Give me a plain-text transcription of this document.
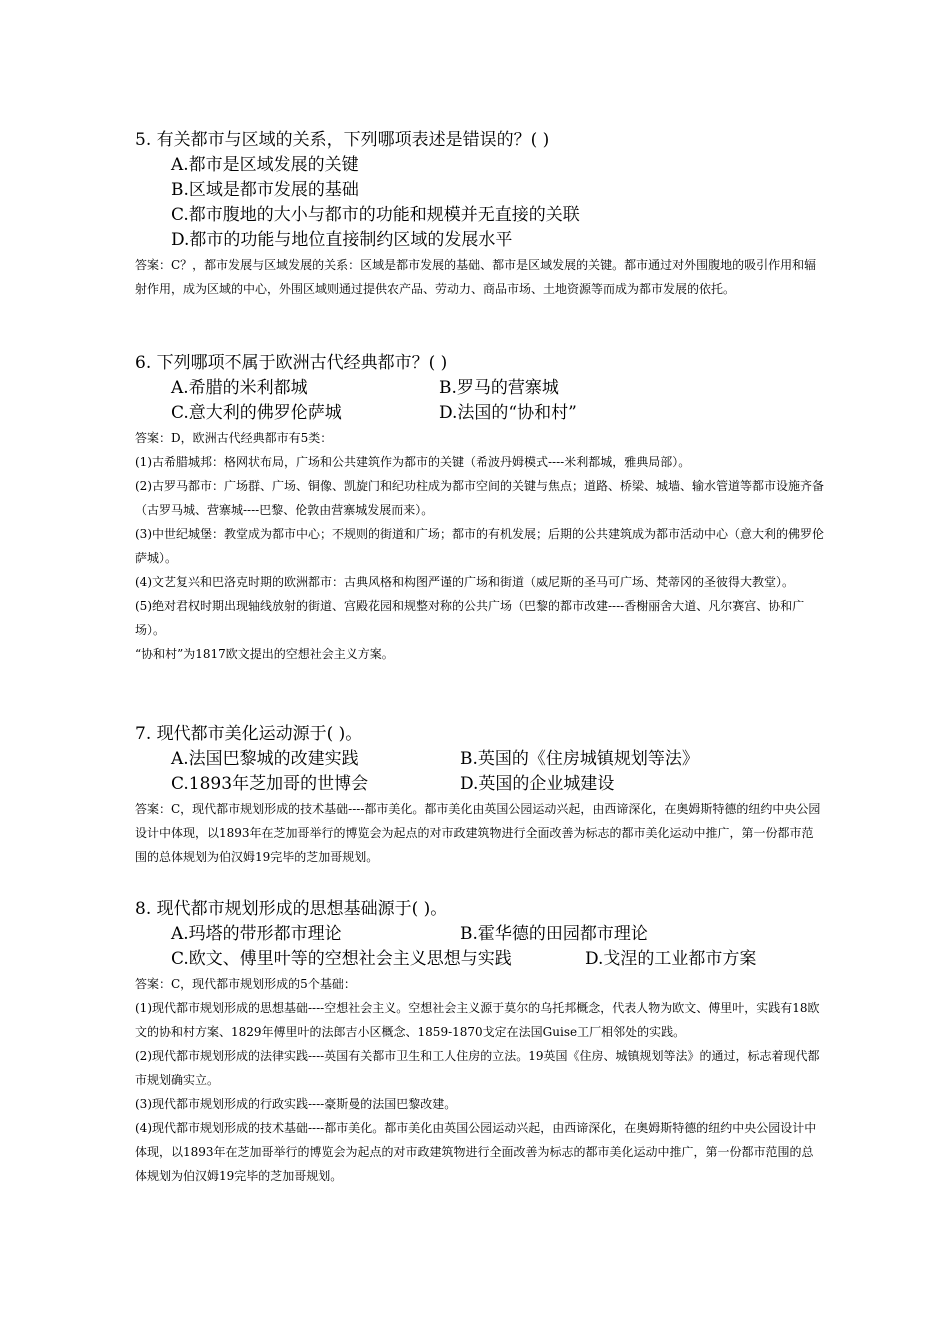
5. 有关都市与区域的关系，下列哪项表述是错误的？( )
A.都市是区域发展的关键
B.区域是都市发展的基础
C.都市腹地的大小与都市的功能和规模并无直接的关联
D.都市的功能与地位直接制约区域的发展水平

答案：C？，都市发展与区域发展的关系：区域是都市发展的基础、都市是区域发展的关键。都市通过对外围腹地的吸引作用和辐射作用，成为区域的中心，外围区域则通过提供农产品、劳动力、商品市场、土地资源等而成为都市发展的依托。

6. 下列哪项不属于欧洲古代经典都市？( )
A.希腊的米利都城	B.罗马的营寨城
C.意大利的佛罗伦萨城	D.法国的“协和村”

答案：D，欧洲古代经典都市有5类：

(1)古希腊城邦：格网状布局，广场和公共建筑作为都市的关键（希波丹姆模式----米利都城，雅典局部）。

(2)古罗马都市：广场群、广场、铜像、凯旋门和纪功柱成为都市空间的关键与焦点；道路、桥梁、城墙、输水管道等都市设施齐备（古罗马城、营寨城----巴黎、伦敦由营寨城发展而来）。

(3)中世纪城堡：教堂成为都市中心；不规则的街道和广场；都市的有机发展；后期的公共建筑成为都市活动中心（意大利的佛罗伦萨城）。

(4)文艺复兴和巴洛克时期的欧洲都市：古典风格和构图严谨的广场和街道（威尼斯的圣马可广场、梵蒂冈的圣彼得大教堂）。

(5)绝对君权时期出现轴线放射的街道、宫殿花园和规整对称的公共广场（巴黎的都市改建----香榭丽舍大道、凡尔赛宫、协和广场）。

“协和村”为1817欧文提出的空想社会主义方案。

7. 现代都市美化运动源于( )。
A.法国巴黎城的改建实践	B.英国的《住房城镇规划等法》
C.1893年芝加哥的世博会	D.英国的企业城建设

答案：C，现代都市规划形成的技术基础----都市美化。都市美化由英国公园运动兴起，由西谛深化，在奥姆斯特德的纽约中央公园设计中体现，以1893年在芝加哥举行的博览会为起点的对市政建筑物进行全面改善为标志的都市美化运动中推广，第一份都市范围的总体规划为伯汉姆19完毕的芝加哥规划。

8. 现代都市规划形成的思想基础源于( )。
A.玛塔的带形都市理论	B.霍华德的田园都市理论
C.欧文、傅里叶等的空想社会主义思想与实践	D.戈涅的工业都市方案

答案：C，现代都市规划形成的5个基础：

(1)现代都市规划形成的思想基础----空想社会主义。空想社会主义源于莫尔的乌托邦概念，代表人物为欧文、傅里叶，实践有18欧文的协和村方案、1829年傅里叶的法郎吉小区概念、1859-1870戈定在法国Guise工厂相邻处的实践。

(2)现代都市规划形成的法律实践----英国有关都市卫生和工人住房的立法。19英国《住房、城镇规划等法》的通过，标志着现代都市规划确实立。

(3)现代都市规划形成的行政实践----豪斯曼的法国巴黎改建。

(4)现代都市规划形成的技术基础----都市美化。都市美化由英国公园运动兴起，由西谛深化，在奥姆斯特德的纽约中央公园设计中体现，以1893年在芝加哥举行的博览会为起点的对市政建筑物进行全面改善为标志的都市美化运动中推广，第一份都市范围的总体规划为伯汉姆19完毕的芝加哥规划。
